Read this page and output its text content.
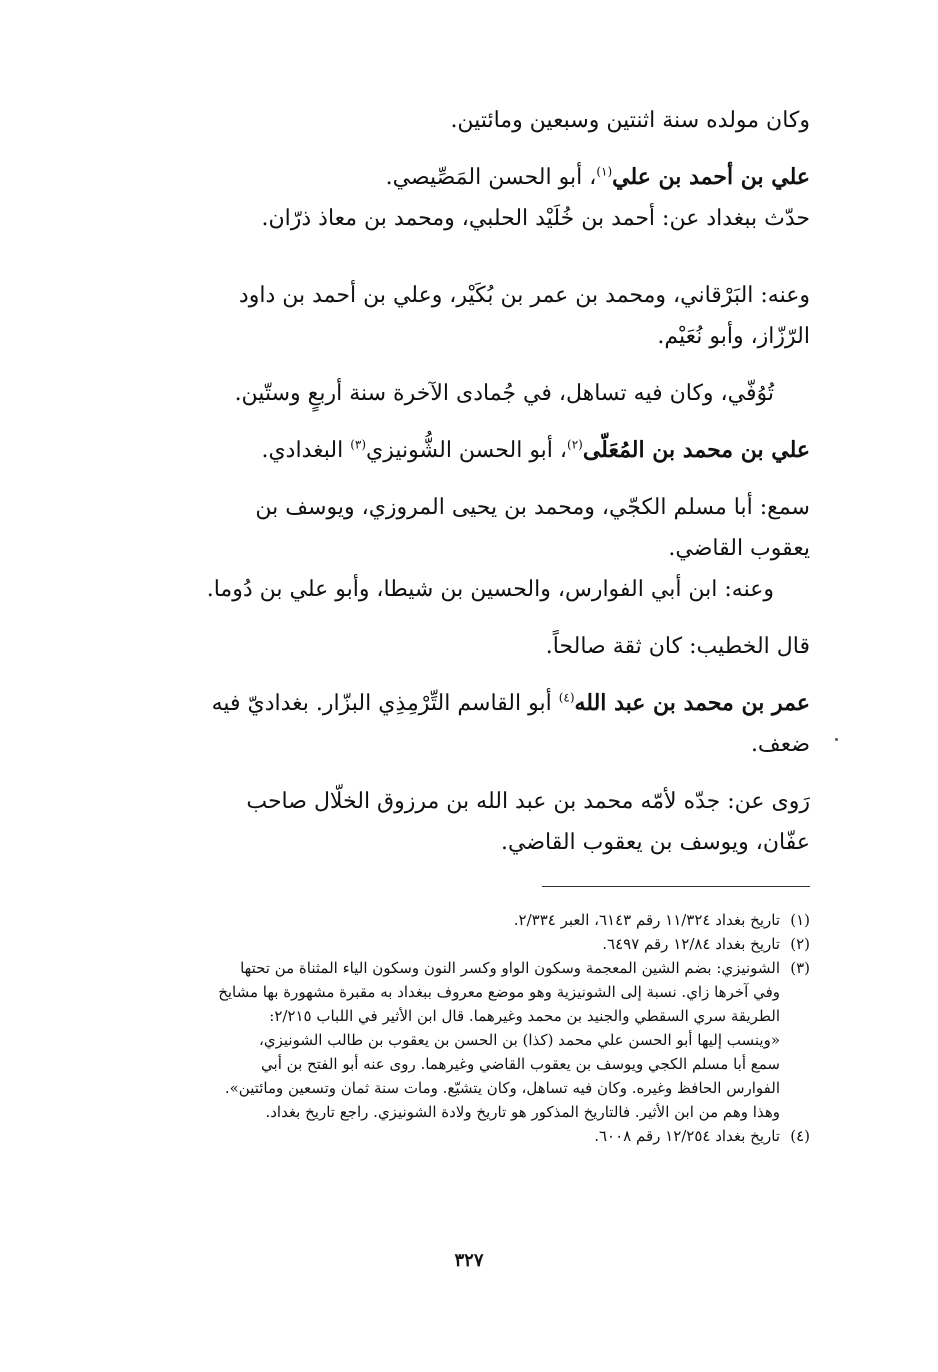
وكان مولده سنة اثنتين وسبعين ومائتين.
علي بن أحمد بن علي$^{(١)}$، أبو الحسن المَصِّيصي.
حدّث ببغداد عن: أحمد بن خُلَيْد الحلبي، ومحمد بن معاذ ذرّان.
وعنه: البَرْقاني، ومحمد بن عمر بن بُكَيْر، وعلي بن أحمد بن داود
الرّزّاز، وأبو نُعَيْم.
تُوُفّي، وكان فيه تساهل، في جُمادى الآخرة سنة أربعٍ وستّين.
علي بن محمد بن المُعَلّى$^{(٢)}$، أبو الحسن الشُّونيزي$^{(٣)}$ البغدادي.
سمع: أبا مسلم الكجّي، ومحمد بن يحيى المروزي، ويوسف بن
يعقوب القاضي.
وعنه: ابن أبي الفوارس، والحسين بن شيطا، وأبو علي بن دُوما.
قال الخطيب: كان ثقة صالحاً.
عمر بن محمد بن عبد الله$^{(٤)}$ أبو القاسم التِّرْمِذِي البزّار. بغداديّ فيه
ضعف.
رَوى عن: جدّه لأمّه محمد بن عبد الله بن مرزوق الخلّال صاحب
عفّان، ويوسف بن يعقوب القاضي.
(١)
تاريخ بغداد ١١/٣٢٤ رقم ٦١٤٣، العبر ٢/٣٣٤.
(٢)
تاريخ بغداد ١٢/٨٤ رقم ٦٤٩٧.
(٣)
الشونيزي: بضم الشين المعجمة وسكون الواو وكسر النون وسكون الياء المثناة من تحتها
وفي آخرها زاي. نسبة إلى الشونيزية وهو موضع معروف ببغداد به مقبرة مشهورة بها مشايخ
الطريقة سري السقطي والجنيد بن محمد وغيرهما. قال ابن الأثير في اللباب ٢/٢١٥:
«وينسب إليها أبو الحسن علي محمد (كذا) بن الحسن بن يعقوب بن طالب الشونيزي،
سمع أبا مسلم الكجي ويوسف بن يعقوب القاضي وغيرهما. روى عنه أبو الفتح بن أبي
الفوارس الحافظ وغيره. وكان فيه تساهل، وكان يتشيّع. ومات سنة ثمان وتسعين ومائتين».
وهذا وهم من ابن الأثير. فالتاريخ المذكور هو تاريخ ولادة الشونيزي. راجع تاريخ بغداد.
(٤)
تاريخ بغداد ١٢/٢٥٤ رقم ٦٠٠٨.
٣٢٧
